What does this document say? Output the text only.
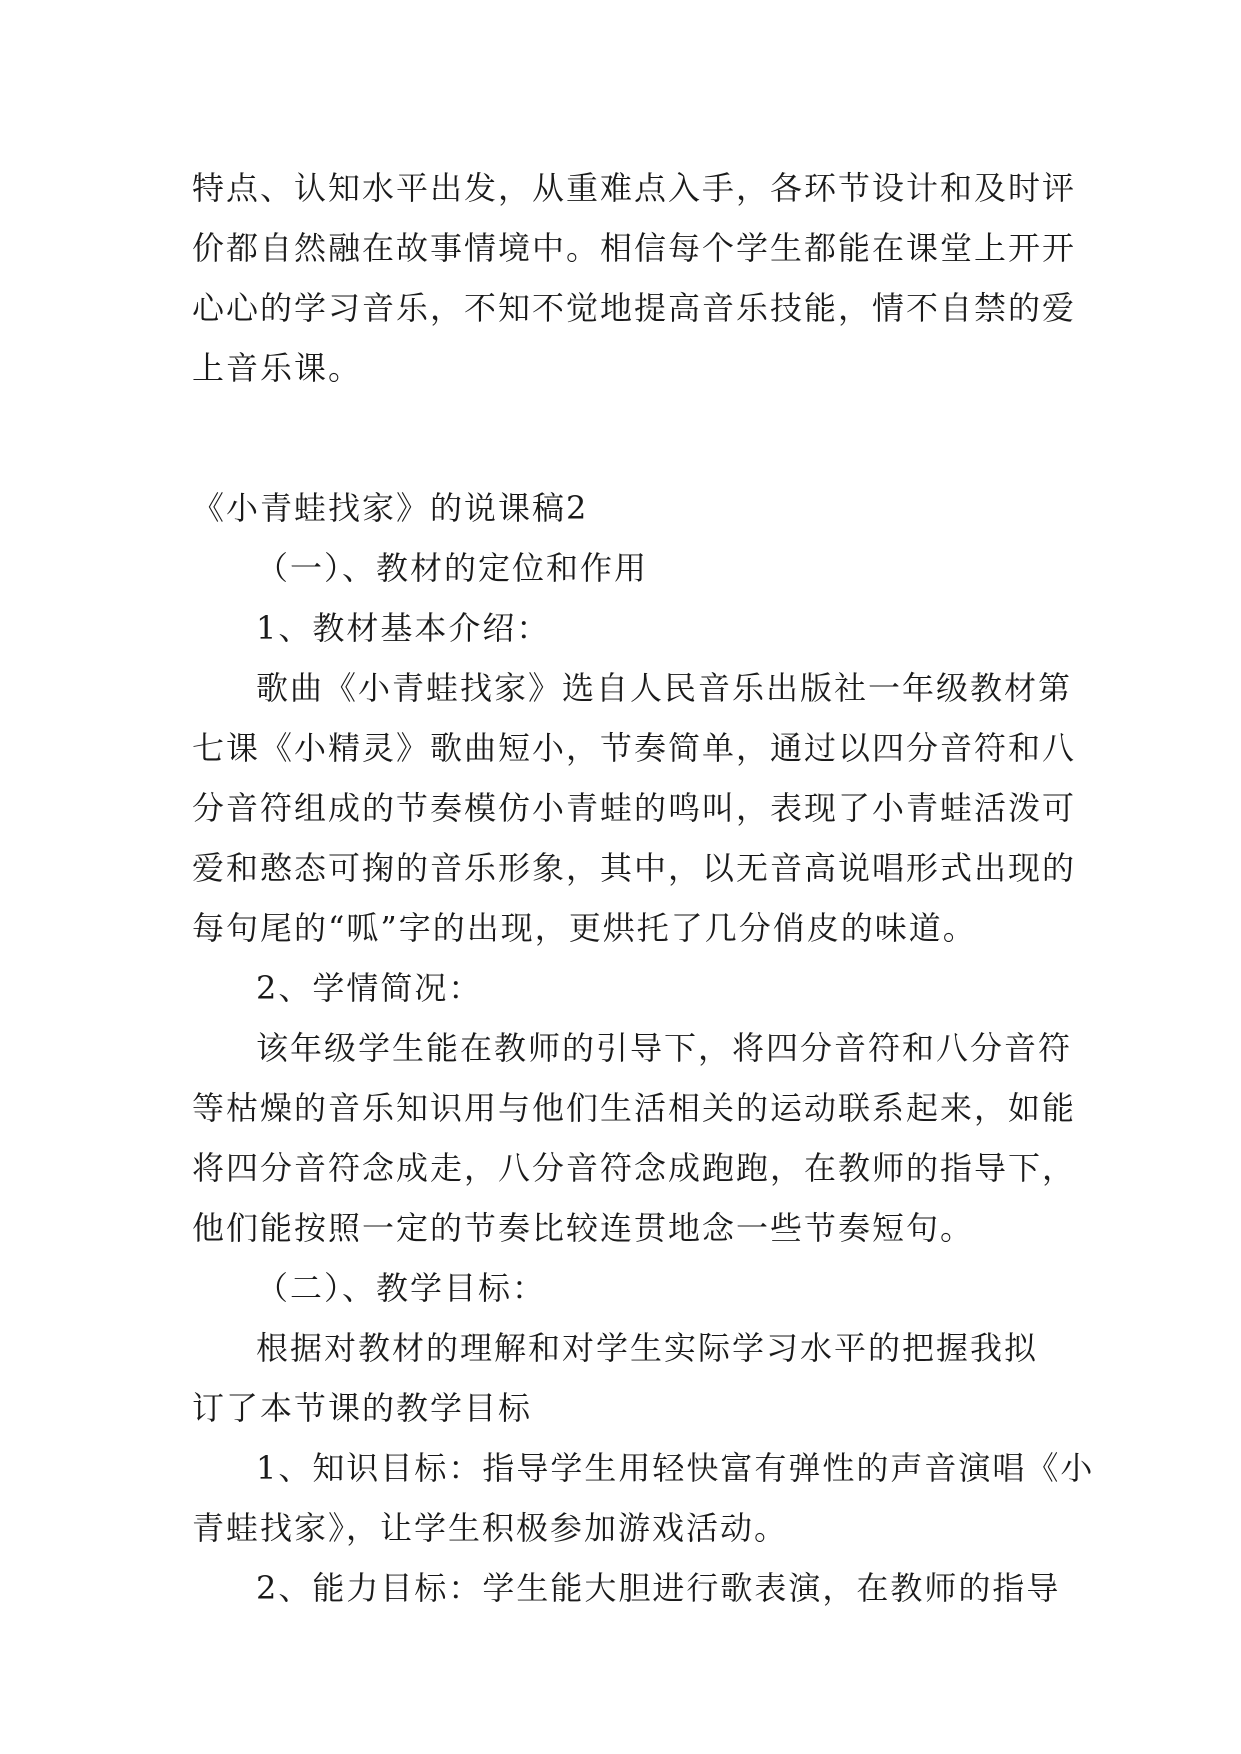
特点、认知水平出发，从重难点入手，各环节设计和及时评
价都自然融在故事情境中。相信每个学生都能在课堂上开开
心心的学习音乐，不知不觉地提高音乐技能，情不自禁的爱
上音乐课。
《小青蛙找家》的说课稿2
（一）、教材的定位和作用
1、教材基本介绍：
歌曲《小青蛙找家》选自人民音乐出版社一年级教材第
七课《小精灵》歌曲短小，节奏简单，通过以四分音符和八
分音符组成的节奏模仿小青蛙的鸣叫，表现了小青蛙活泼可
爱和憨态可掬的音乐形象，其中，以无音高说唱形式出现的
每句尾的“呱”字的出现，更烘托了几分俏皮的味道。
2、学情简况：
该年级学生能在教师的引导下，将四分音符和八分音符
等枯燥的音乐知识用与他们生活相关的运动联系起来，如能
将四分音符念成走，八分音符念成跑跑，在教师的指导下，
他们能按照一定的节奏比较连贯地念一些节奏短句。
（二）、教学目标：
根据对教材的理解和对学生实际学习水平的把握我拟
订了本节课的教学目标
1、知识目标：指导学生用轻快富有弹性的声音演唱《小
青蛙找家》，让学生积极参加游戏活动。
2、能力目标：学生能大胆进行歌表演，在教师的指导
